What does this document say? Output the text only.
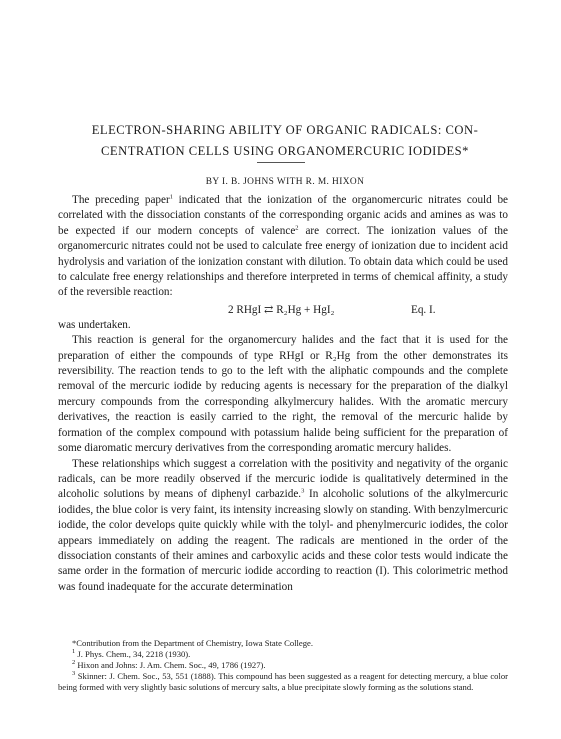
ELECTRON-SHARING ABILITY OF ORGANIC RADICALS: CON-
CENTRATION CELLS USING ORGANOMERCURIC IODIDES*
BY I. B. JOHNS WITH R. M. HIXON

The preceding paper$^1$ indicated that the ionization of the organomercuric nitrates could be correlated with the dissociation constants of the corresponding organic acids and amines as was to be expected if our modern concepts of valence$^2$ are correct. The ionization values of the organomercuric nitrates could not be used to calculate free energy of ionization due to incident acid hydrolysis and variation of the ionization constant with dilution. To obtain data which could be used to calculate free energy relationships and therefore interpreted in terms of chemical affinity, a study of the reversible reaction:

2 RHgI ⇄ R₂Hg + HgI₂	Eq. I.

was undertaken.

This reaction is general for the organomercury halides and the fact that it is used for the preparation of either the compounds of type RHgI or R₂Hg from the other demonstrates its reversibility. The reaction tends to go to the left with the aliphatic compounds and the complete removal of the mercuric iodide by reducing agents is necessary for the preparation of the dialkyl mercury compounds from the corresponding alkylmercury halides. With the aromatic mercury derivatives, the reaction is easily carried to the right, the removal of the mercuric halide by formation of the complex compound with potassium halide being sufficient for the preparation of some diaromatic mercury derivatives from the corresponding aromatic mercury halides.

These relationships which suggest a correlation with the positivity and negativity of the organic radicals, can be more readily observed if the mercuric iodide is qualitatively determined in the alcoholic solutions by means of diphenyl carbazide.$^3$ In alcoholic solutions of the alkylmercuric iodides, the blue color is very faint, its intensity increasing slowly on standing. With benzylmercuric iodide, the color develops quite quickly while with the tolyl- and phenylmercuric iodides, the color appears immediately on adding the reagent. The radicals are mentioned in the order of the dissociation constants of their amines and carboxylic acids and these color tests would indicate the same order in the formation of mercuric iodide according to reaction (I). This colorimetric method was found inadequate for the accurate determination

*Contribution from the Department of Chemistry, Iowa State College.
$^1$ J. Phys. Chem., 34, 2218 (1930).
$^2$ Hixon and Johns: J. Am. Chem. Soc., 49, 1786 (1927).
$^3$ Skinner: J. Chem. Soc., 53, 551 (1888). This compound has been suggested as a reagent for detecting mercury, a blue color being formed with very slightly basic solutions of mercury salts, a blue precipitate slowly forming as the solutions stand.
